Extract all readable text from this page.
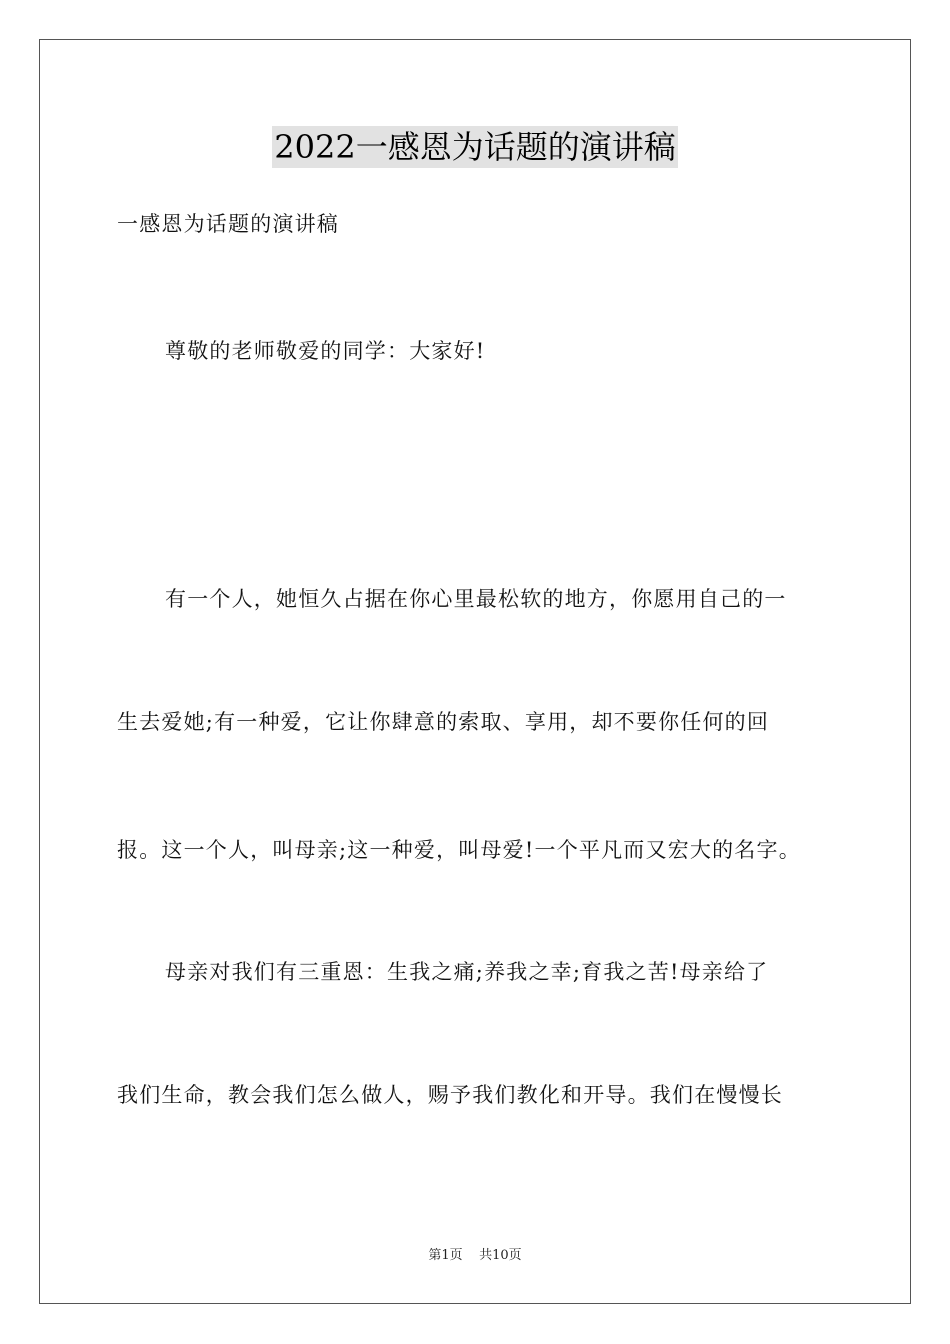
2022一感恩为话题的演讲稿
一感恩为话题的演讲稿
尊敬的老师敬爱的同学：大家好!
有一个人，她恒久占据在你心里最松软的地方，你愿用自己的一
生去爱她;有一种爱，它让你肆意的索取、享用，却不要你任何的回
报。这一个人，叫母亲;这一种爱，叫母爱!一个平凡而又宏大的名字。
母亲对我们有三重恩：生我之痛;养我之幸;育我之苦!母亲给了
我们生命，教会我们怎么做人，赐予我们教化和开导。我们在慢慢长
第1页 共10页
